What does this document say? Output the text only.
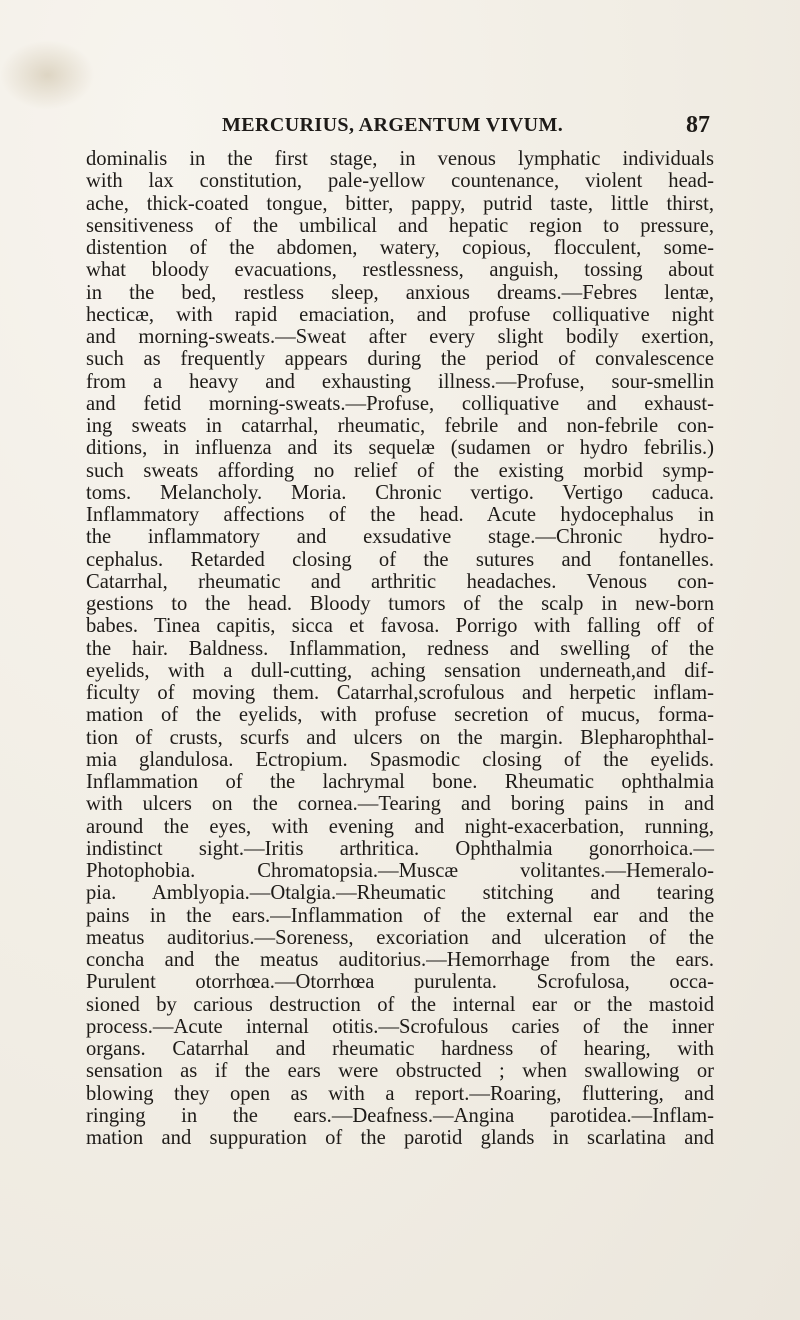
MERCURIUS, ARGENTUM VIVUM.	87
dominalis in the first stage, in venous lymphatic individuals
with lax constitution, pale-yellow countenance, violent head-
ache, thick-coated tongue, bitter, pappy, putrid taste, little thirst,
sensitiveness of the umbilical and hepatic region to pressure,
distention of the abdomen, watery, copious, flocculent, some-
what bloody evacuations, restlessness, anguish, tossing about
in the bed, restless sleep, anxious dreams.—Febres lentæ,
hecticæ, with rapid emaciation, and profuse colliquative night
and morning-sweats.—Sweat after every slight bodily exertion,
such as frequently appears during the period of convalescence
from a heavy and exhausting illness.—Profuse, sour-smellin
and fetid morning-sweats.—Profuse, colliquative and exhaust-
ing sweats in catarrhal, rheumatic, febrile and non-febrile con-
ditions, in influenza and its sequelæ (sudamen or hydro febrilis.)
such sweats affording no relief of the existing morbid symp-
toms. Melancholy. Moria. Chronic vertigo. Vertigo caduca.
Inflammatory affections of the head. Acute hydocephalus in
the inflammatory and exsudative stage.—Chronic hydro-
cephalus. Retarded closing of the sutures and fontanelles.
Catarrhal, rheumatic and arthritic headaches. Venous con-
gestions to the head. Bloody tumors of the scalp in new-born
babes. Tinea capitis, sicca et favosa. Porrigo with falling off of
the hair. Baldness. Inflammation, redness and swelling of the
eyelids, with a dull-cutting, aching sensation underneath,and dif-
ficulty of moving them. Catarrhal,scrofulous and herpetic inflam-
mation of the eyelids, with profuse secretion of mucus, forma-
tion of crusts, scurfs and ulcers on the margin. Blepharophthal-
mia glandulosa. Ectropium. Spasmodic closing of the eyelids.
Inflammation of the lachrymal bone. Rheumatic ophthalmia
with ulcers on the cornea.—Tearing and boring pains in and
around the eyes, with evening and night-exacerbation, running,
indistinct sight.—Iritis arthritica. Ophthalmia gonorrhoica.—
Photophobia. Chromatopsia.—Muscæ volitantes.—Hemeralo-
pia. Amblyopia.—Otalgia.—Rheumatic stitching and tearing
pains in the ears.—Inflammation of the external ear and the
meatus auditorius.—Soreness, excoriation and ulceration of the
concha and the meatus auditorius.—Hemorrhage from the ears.
Purulent otorrhœa.—Otorrhœa purulenta. Scrofulosa, occa-
sioned by carious destruction of the internal ear or the mastoid
process.—Acute internal otitis.—Scrofulous caries of the inner
organs. Catarrhal and rheumatic hardness of hearing, with
sensation as if the ears were obstructed ; when swallowing or
blowing they open as with a report.—Roaring, fluttering, and
ringing in the ears.—Deafness.—Angina parotidea.—Inflam-
mation and suppuration of the parotid glands in scarlatina and
